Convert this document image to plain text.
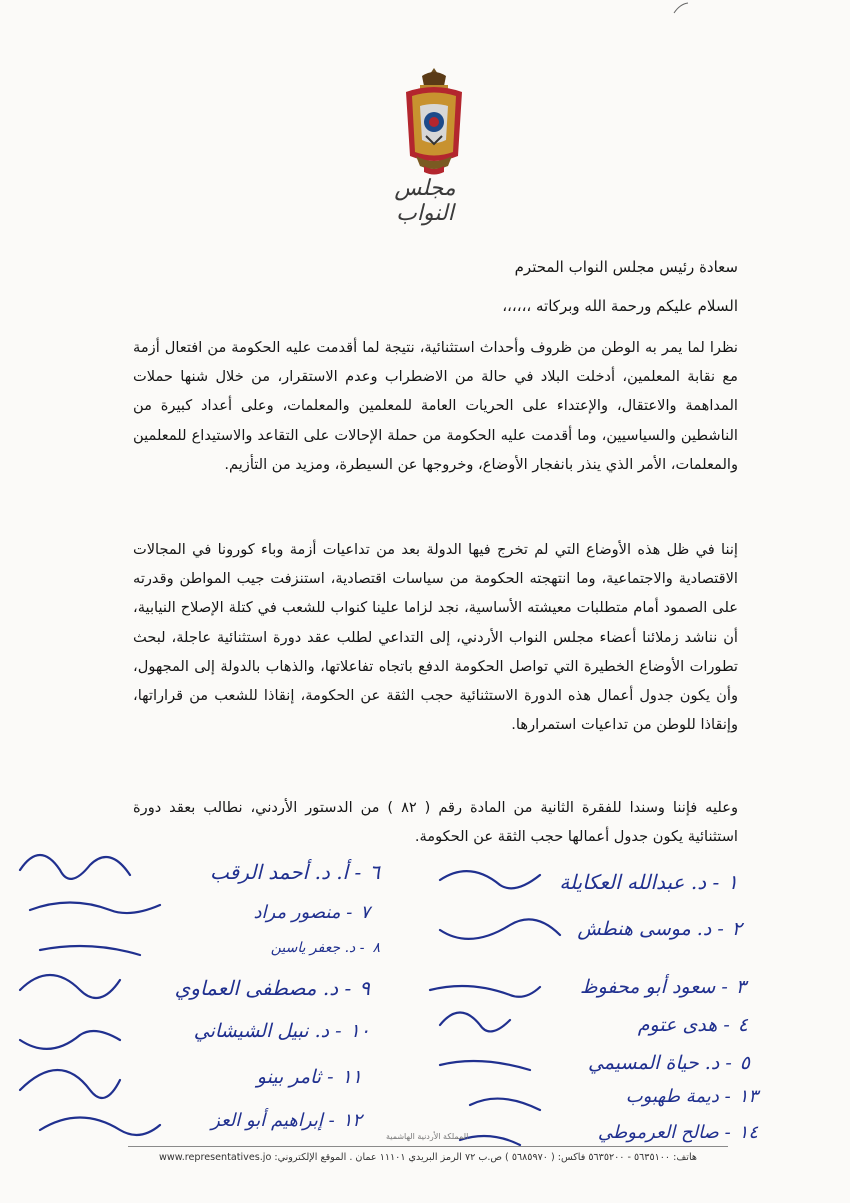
مجلس النواب
سعادة رئيس مجلس النواب المحترم
السلام عليكم ورحمة الله وبركاته ،،،،،،
نظرا لما يمر به الوطن من ظروف وأحداث استثنائية، نتيجة لما أقدمت عليه الحكومة من افتعال أزمة مع نقابة المعلمين، أدخلت البلاد في حالة من الاضطراب وعدم الاستقرار، من خلال شنها حملات المداهمة والاعتقال، والإعتداء على الحريات العامة للمعلمين والمعلمات، وعلى أعداد كبيرة من الناشطين والسياسيين، وما أقدمت عليه الحكومة من حملة الإحالات على التقاعد والاستيداع للمعلمين والمعلمات، الأمر الذي ينذر بانفجار الأوضاع، وخروجها عن السيطرة، ومزيد من التأزيم.
إننا في ظل هذه الأوضاع التي لم تخرج فيها الدولة بعد من تداعيات أزمة وباء كورونا في المجالات الاقتصادية والاجتماعية، وما انتهجته الحكومة من سياسات اقتصادية، استنزفت جيب المواطن وقدرته على الصمود أمام متطلبات معيشته الأساسية، نجد لزاما علينا كنواب للشعب في كتلة الإصلاح النيابية، أن نناشد زملائنا أعضاء مجلس النواب الأردني، إلى التداعي لطلب عقد دورة استثنائية عاجلة، لبحث تطورات الأوضاع الخطيرة التي تواصل الحكومة الدفع باتجاه تفاعلاتها، والذهاب بالدولة إلى المجهول، وأن يكون جدول أعمال هذه الدورة الاستثنائية حجب الثقة عن الحكومة، إنقاذا للشعب من قراراتها، وإنقاذا للوطن من تداعيات استمرارها.
وعليه فإننا وسندا للفقرة الثانية من المادة رقم ( ٨٢ ) من الدستور الأردني، نطالب بعقد دورة استثنائية يكون جدول أعمالها حجب الثقة عن الحكومة.
١- د. عبدالله العكايلة
٢- د. موسى هنطش
٣- سعود أبو محفوظ
٤- هدى عتوم
٥- د. حياة المسيمي
١٣- ديمة طهبوب
١٤- صالح العرموطي
٦- أ. د. أحمد الرقب
٧- منصور مراد
٨- د. جعفر ياسين
٩- د. مصطفى العماوي
١٠- د. نبيل الشيشاني
١١- ثامر بينو
١٢- إبراهيم أبو العز
المملكة الأردنية الهاشمية
هاتف: ٥٦٣٥١٠٠ - ٥٦٣٥٢٠٠ فاكس: ( ٥٦٨٥٩٧٠ ) ص.ب ٧٢ الرمز البريدي ١١١٠١ عمان . الموقع الإلكتروني: www.representatives.jo
